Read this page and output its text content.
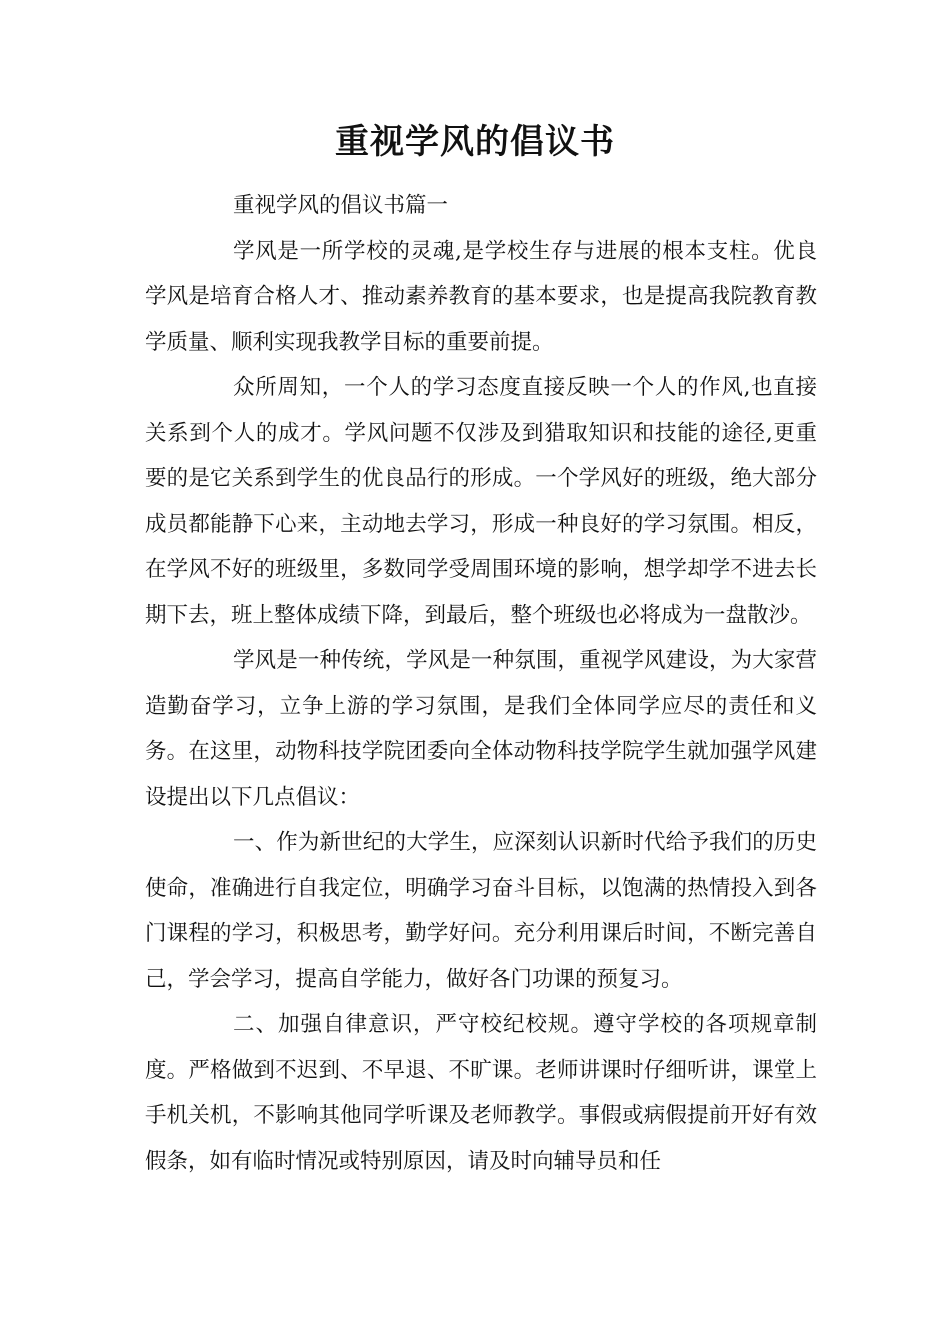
重视学风的倡议书

重视学风的倡议书篇一

学风是一所学校的灵魂,是学校生存与进展的根本支柱。优良学风是培育合格人才、推动素养教育的基本要求，也是提高我院教育教学质量、顺利实现我教学目标的重要前提。

众所周知，一个人的学习态度直接反映一个人的作风,也直接关系到个人的成才。学风问题不仅涉及到猎取知识和技能的途径,更重要的是它关系到学生的优良品行的形成。一个学风好的班级，绝大部分成员都能静下心来，主动地去学习，形成一种良好的学习氛围。相反，在学风不好的班级里，多数同学受周围环境的影响，想学却学不进去长期下去，班上整体成绩下降，到最后，整个班级也必将成为一盘散沙。

学风是一种传统，学风是一种氛围，重视学风建设，为大家营造勤奋学习，立争上游的学习氛围，是我们全体同学应尽的责任和义务。在这里，动物科技学院团委向全体动物科技学院学生就加强学风建设提出以下几点倡议：

一、作为新世纪的大学生，应深刻认识新时代给予我们的历史使命，准确进行自我定位，明确学习奋斗目标，以饱满的热情投入到各门课程的学习，积极思考，勤学好问。充分利用课后时间，不断完善自己，学会学习，提高自学能力，做好各门功课的预复习。

二、加强自律意识，严守校纪校规。遵守学校的各项规章制度。严格做到不迟到、不早退、不旷课。老师讲课时仔细听讲，课堂上手机关机，不影响其他同学听课及老师教学。事假或病假提前开好有效假条，如有临时情况或特别原因，请及时向辅导员和任
